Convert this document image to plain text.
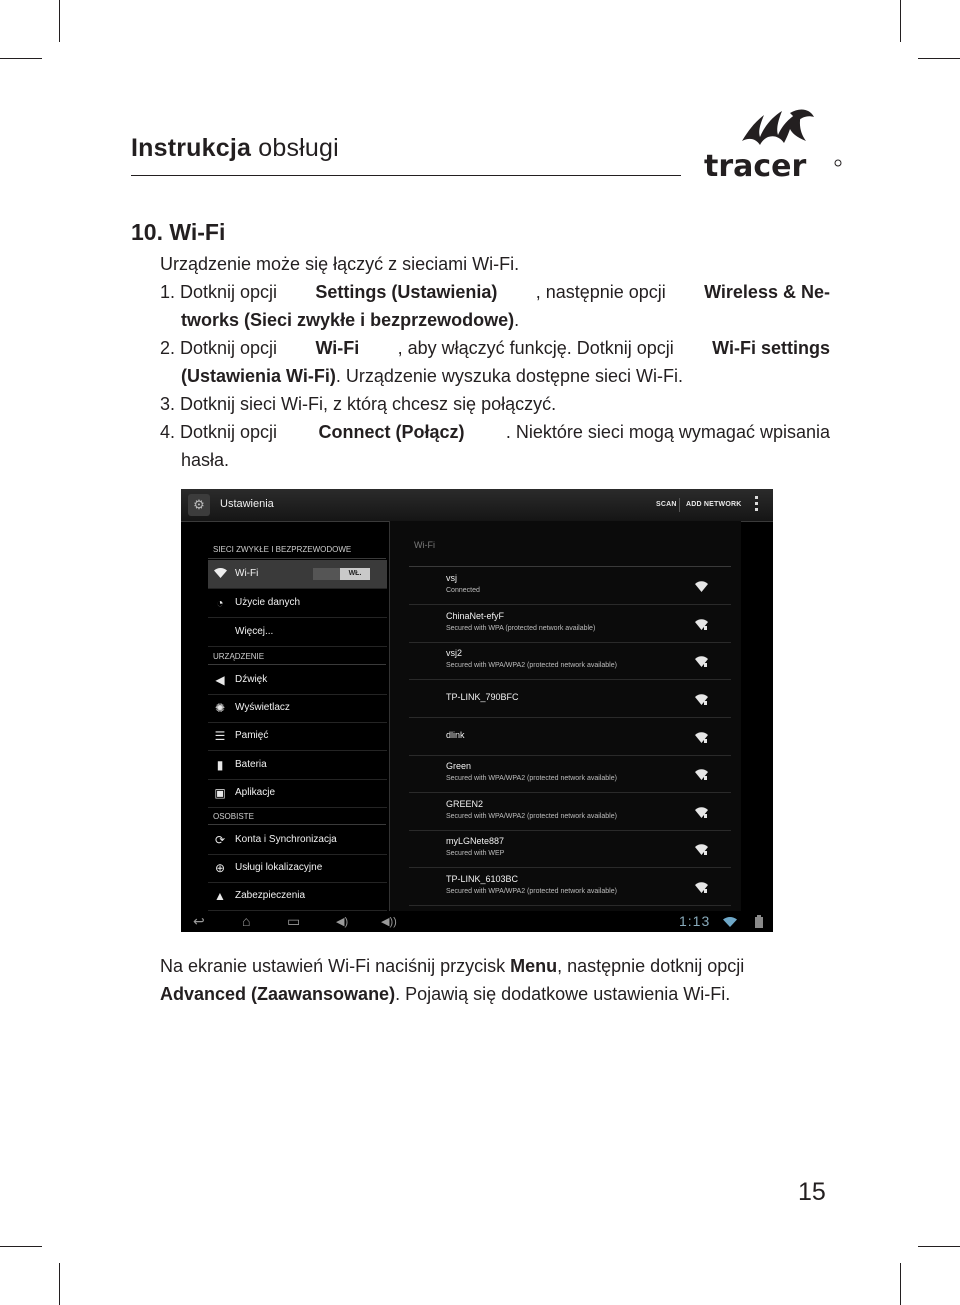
Instrukcja obsługi
tracer
10. Wi-Fi
Urządzenie może się łączyć z sieciami Wi-Fi.
1. Dotknij opcji Settings (Ustawienia) , następnie opcji Wireless & Ne-
tworks (Sieci zwykłe i bezprzewodowe).
2. Dotknij opcji Wi-Fi , aby włączyć funkcję. Dotknij opcji Wi-Fi settings
(Ustawienia Wi-Fi). Urządzenie wyszuka dostępne sieci Wi-Fi.
3. Dotknij sieci Wi-Fi, z którą chcesz się połączyć.
4. Dotknij opcji Connect (Połącz) . Niektóre sieci mogą wymagać wpisania
hasła.
⚙	Ustawienia	SCAN ADD NETWORK
SIECI ZWYKŁE I BEZPRZEWODOWE
Wi-Fi	WŁ.
◔	Użycie danych
Więcej...
URZĄDZENIE
◀ Dźwięk
✺ Wyświetlacz
☰ Pamięć
▮	Bateria
▣ Aplikacje
OSOBISTE
⟳ Konta i Synchronizacja
⊕ Usługi lokalizacyjne
▲ Zabezpieczenia
Wi-Fi
vsj
Connected
ChinaNet-efyF
Secured with WPA (protected network available)
vsj2
Secured with WPA/WPA2 (protected network available)
TP-LINK_790BFC
dlink
Green
Secured with WPA/WPA2 (protected network available)
GREEN2
Secured with WPA/WPA2 (protected network available)
myLGNete887
Secured with WEP
TP-LINK_6103BC
Secured with WPA/WPA2 (protected network available)
↩	⌂	▭	◀)	◀))	1:13
Na ekranie ustawień Wi-Fi naciśnij przycisk Menu, następnie dotknij opcji
Advanced (Zaawansowane). Pojawią się dodatkowe ustawienia Wi-Fi.
15
